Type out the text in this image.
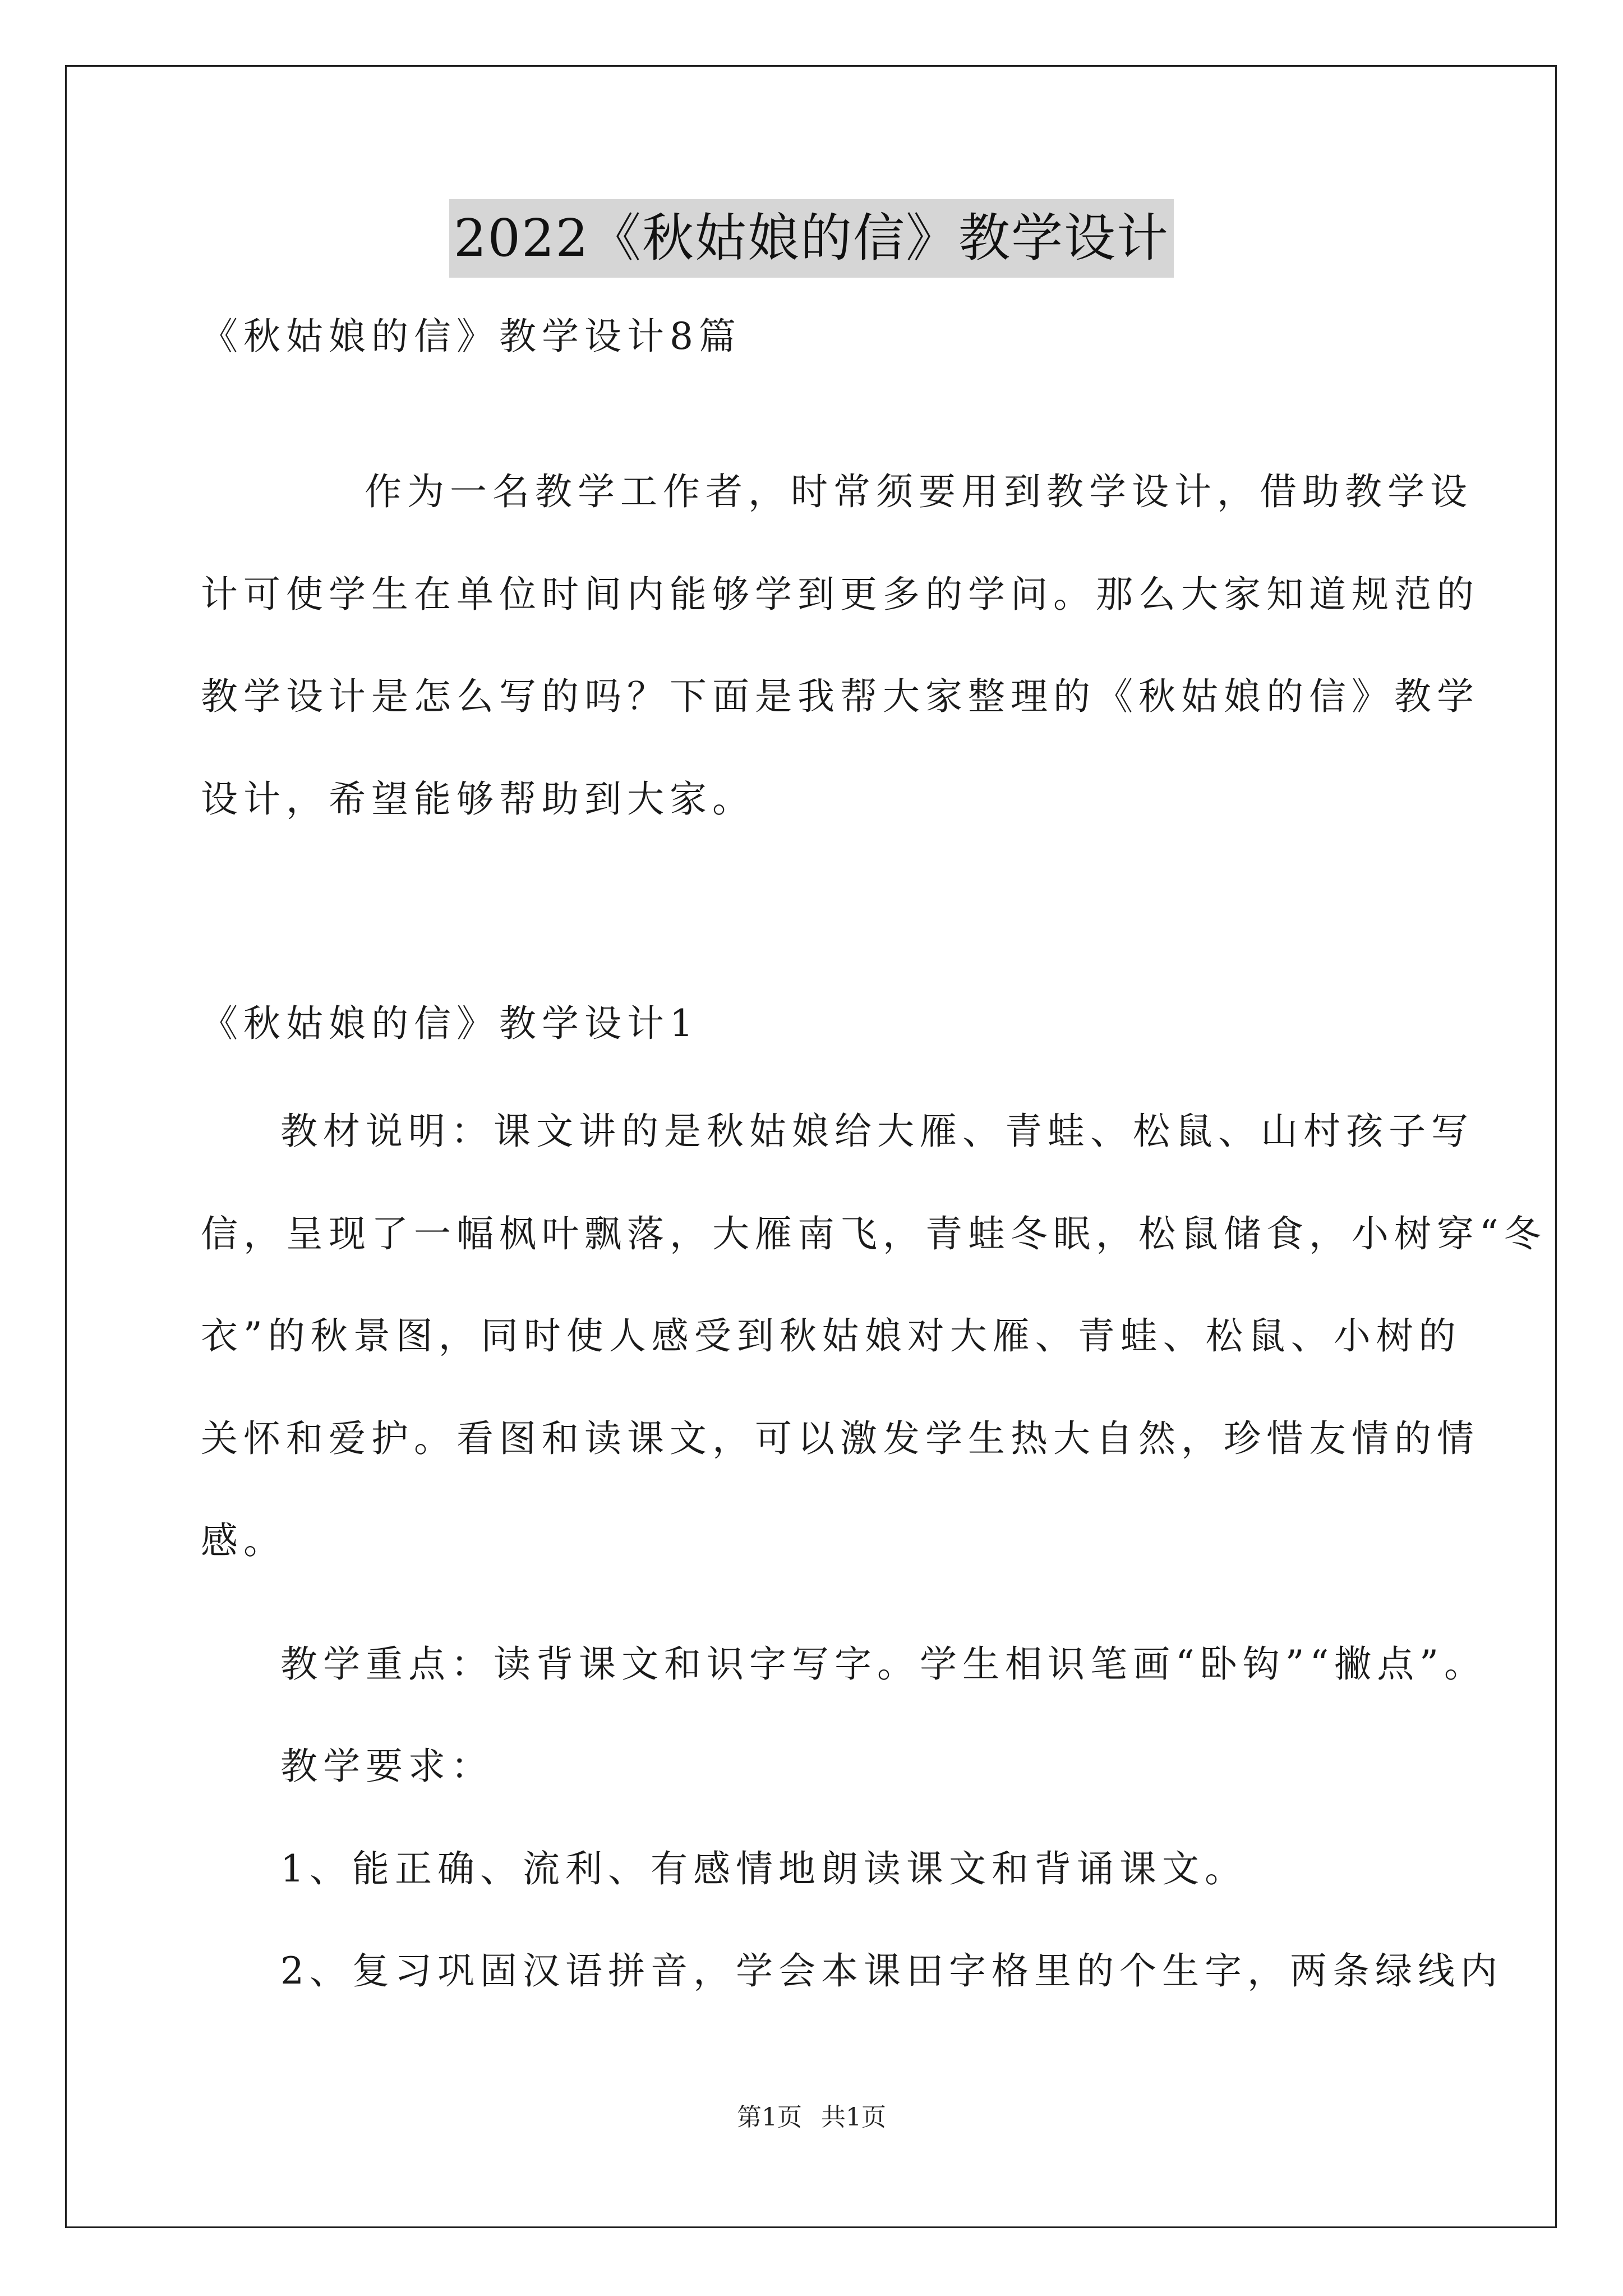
2022《秋姑娘的信》教学设计
《秋姑娘的信》教学设计8篇
作为一名教学工作者，时常须要用到教学设计，借助教学设
计可使学生在单位时间内能够学到更多的学问。那么大家知道规范的
教学设计是怎么写的吗？下面是我帮大家整理的《秋姑娘的信》教学
设计，希望能够帮助到大家。
《秋姑娘的信》教学设计1
教材说明：课文讲的是秋姑娘给大雁、青蛙、松鼠、山村孩子写
信，呈现了一幅枫叶飘落，大雁南飞，青蛙冬眠，松鼠储食，小树穿“冬
衣”的秋景图，同时使人感受到秋姑娘对大雁、青蛙、松鼠、小树的
关怀和爱护。看图和读课文，可以激发学生热大自然，珍惜友情的情
感。
教学重点：读背课文和识字写字。学生相识笔画“卧钩”“撇点”。
教学要求：
1、能正确、流利、有感情地朗读课文和背诵课文。
2、复习巩固汉语拼音，学会本课田字格里的个生字，两条绿线内
第1页 共1页
